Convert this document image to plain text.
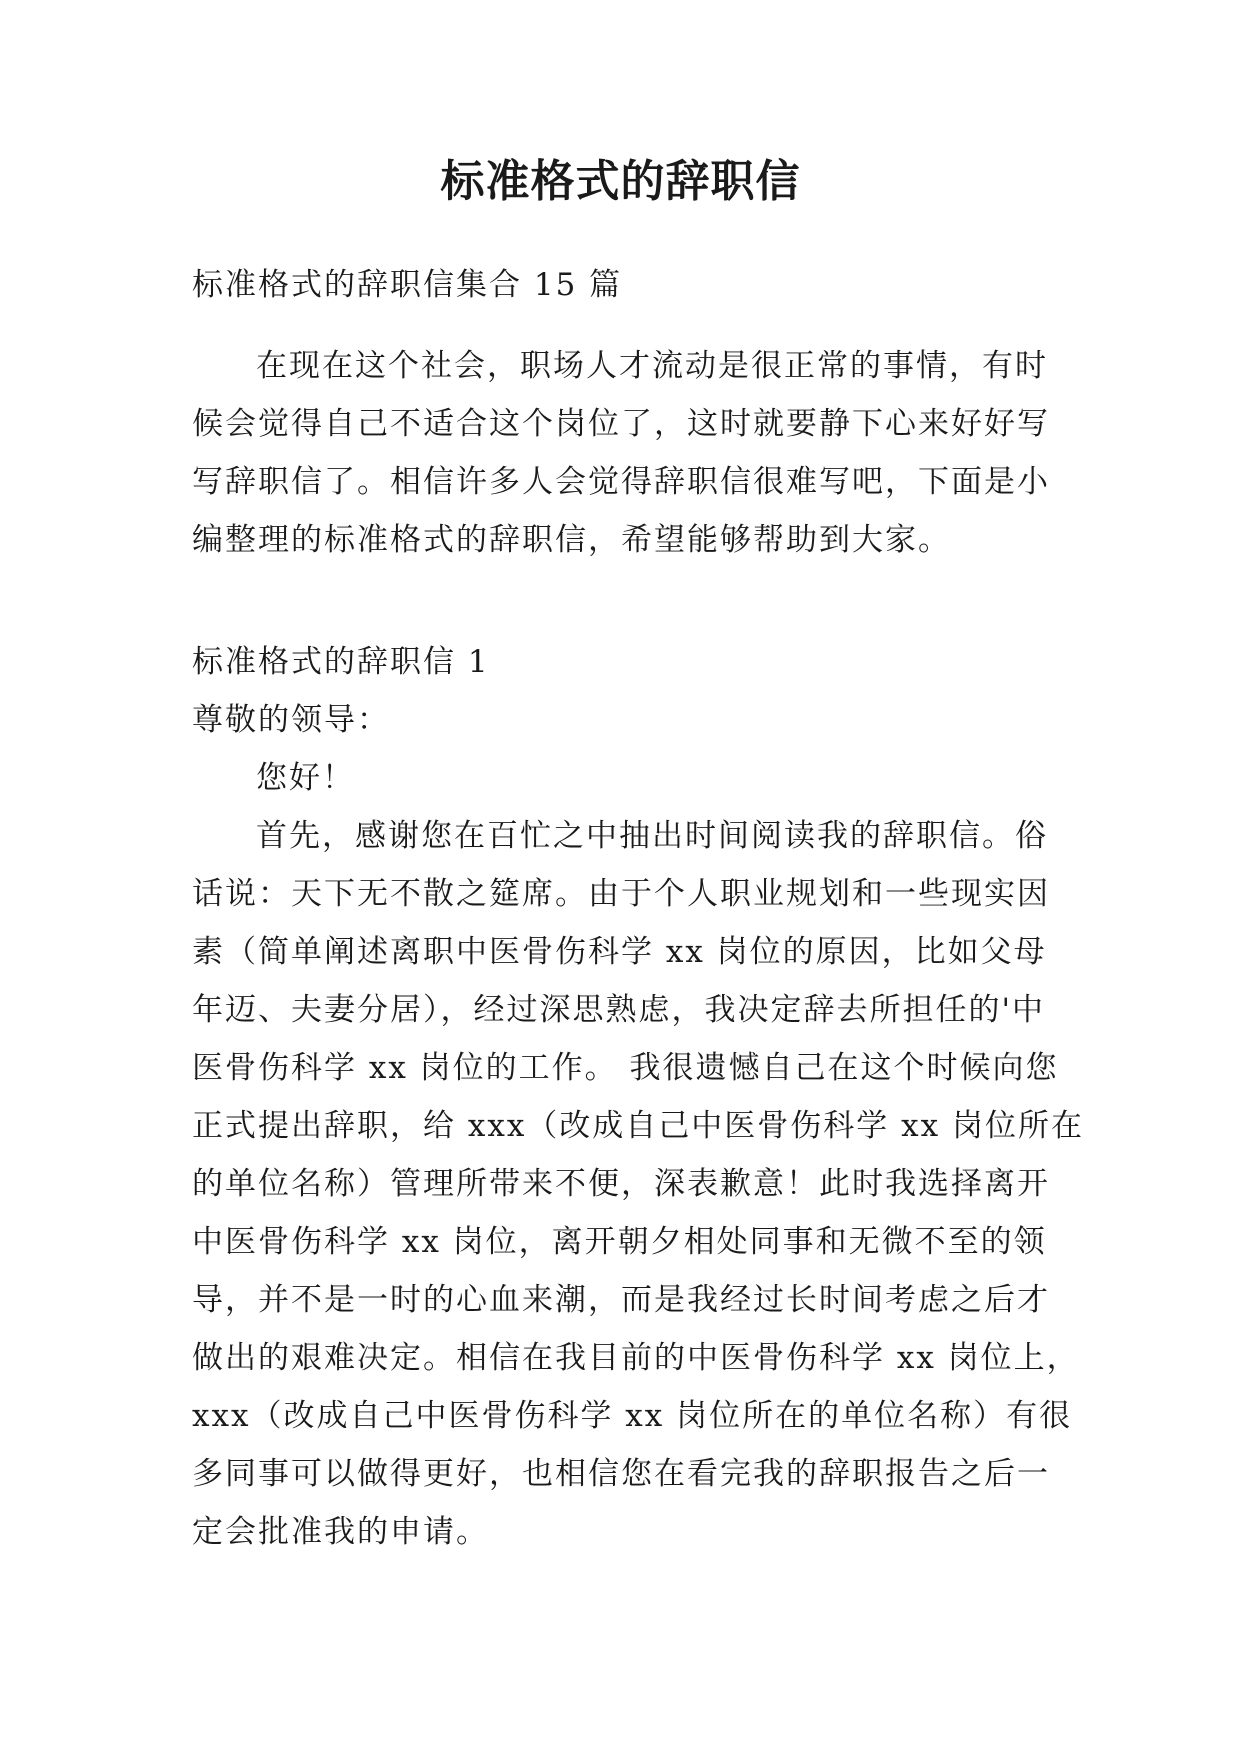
标准格式的辞职信
标准格式的辞职信集合 15 篇
在现在这个社会，职场人才流动是很正常的事情，有时
候会觉得自己不适合这个岗位了，这时就要静下心来好好写
写辞职信了。相信许多人会觉得辞职信很难写吧，下面是小
编整理的标准格式的辞职信，希望能够帮助到大家。
标准格式的辞职信 1
尊敬的领导：
您好！
首先，感谢您在百忙之中抽出时间阅读我的辞职信。俗
话说：天下无不散之筵席。由于个人职业规划和一些现实因
素（简单阐述离职中医骨伤科学 xx 岗位的原因，比如父母
年迈、夫妻分居），经过深思熟虑，我决定辞去所担任的'中
医骨伤科学 xx 岗位的工作。 我很遗憾自己在这个时候向您
正式提出辞职，给 xxx（改成自己中医骨伤科学 xx 岗位所在
的单位名称）管理所带来不便，深表歉意！此时我选择离开
中医骨伤科学 xx 岗位，离开朝夕相处同事和无微不至的领
导，并不是一时的心血来潮，而是我经过长时间考虑之后才
做出的艰难决定。相信在我目前的中医骨伤科学 xx 岗位上，
xxx（改成自己中医骨伤科学 xx 岗位所在的单位名称）有很
多同事可以做得更好，也相信您在看完我的辞职报告之后一
定会批准我的申请。
